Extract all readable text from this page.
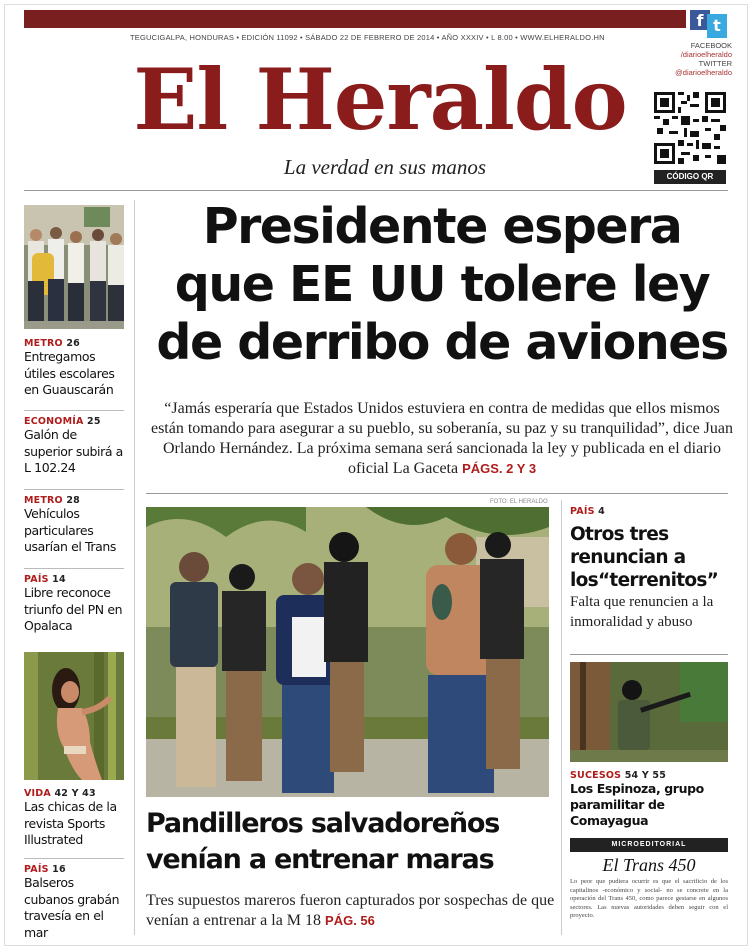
f t
TEGUCIGALPA, HONDURAS • EDICIÓN 11092 • SÁBADO 22 DE FEBRERO DE 2014 • AÑO XXXIV • L 8.00 • WWW.ELHERALDO.HN
El Heraldo
La verdad en sus manos
FACEBOOK
/diarioelheraldo
TWITTER
@diarioelheraldo
CÓDIGO QR
Presidente espera
que EE UU tolere ley
de derribo de aviones
“Jamás esperaría que Estados Unidos estuviera en contra de medidas que ellos mismos están tomando para asegurar a su pueblo, su soberanía, su paz y su tranquilidad”, dice Juan Orlando Hernández. La próxima semana será sancionada la ley y publicada en el diario oficial La Gaceta PÁGS. 2 Y 3
METRO 26
Entregamos útiles escolares en Guauscarán
ECONOMÍA 25
Galón de superior subirá a L 102.24
METRO 28
Vehículos particulares usarían el Trans
PAÍS 14
Libre reconoce triunfo del PN en Opalaca
VIDA 42 Y 43
Las chicas de la revista Sports Illustrated
PAÍS 16
Balseros cubanos grabán travesía en el mar
FOTO: EL HERALDO
Pandilleros salvadoreños
venían a entrenar maras
Tres supuestos mareros fueron capturados por sospechas de que venían a entrenar a la M 18 PÁG. 56
PAÍS 4
Otros tres
renuncian a
los“terrenitos”
Falta que renuncien a la inmoralidad y abuso
SUCESOS 54 Y 55
Los Espinoza, grupo paramilitar de Comayagua
MICROEDITORIAL
El Trans 450
Lo peor que pudiera ocurrir es que el sacrificio de los capitalinos -económico y social- no se concrete en la operación del Trans 450, como parece gestarse en algunos sectores. Las nuevas autoridades deben seguir con el proyecto.
